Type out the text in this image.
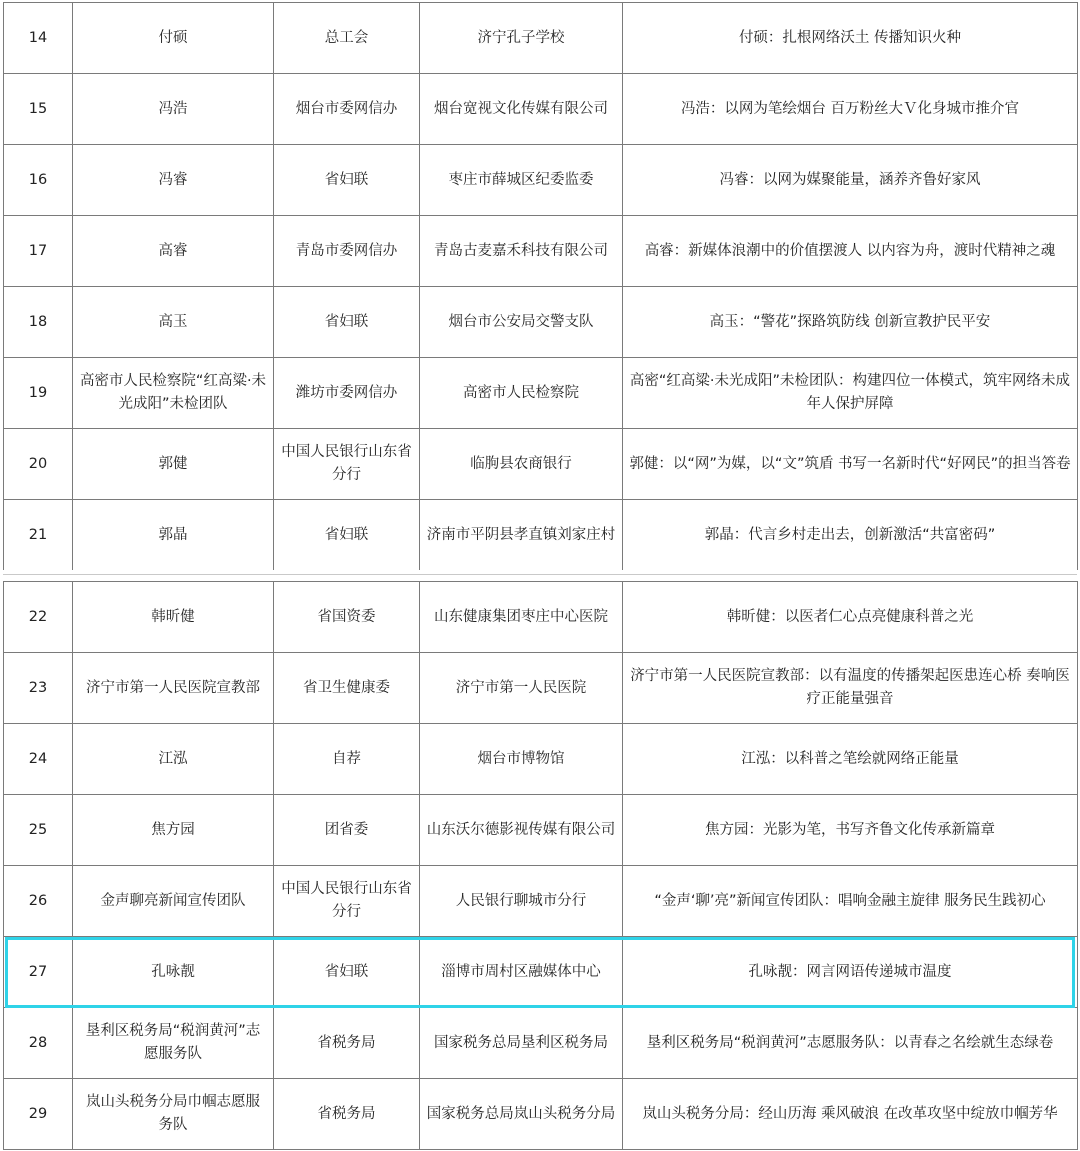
14	付硕	总工会	济宁孔子学校	付硕：扎根网络沃土 传播知识火种
15	冯浩	烟台市委网信办	烟台宽视文化传媒有限公司	冯浩：以网为笔绘烟台 百万粉丝大Ｖ化身城市推介官
16	冯睿	省妇联	枣庄市薛城区纪委监委	冯睿：以网为媒聚能量，涵养齐鲁好家风
17	高睿	青岛市委网信办	青岛古麦嘉禾科技有限公司	高睿：新媒体浪潮中的价值摆渡人 以内容为舟，渡时代精神之魂
18	高玉	省妇联	烟台市公安局交警支队	高玉：“警花”探路筑防线 创新宣教护民平安
19	高密市人民检察院“红高粱·未光成阳”未检团队	潍坊市委网信办	高密市人民检察院	高密“红高粱·未光成阳”未检团队：构建四位一体模式，筑牢网络未成年人保护屏障
20	郭健	中国人民银行山东省分行	临朐县农商银行	郭健：以“网”为媒，以“文”筑盾 书写一名新时代“好网民”的担当答卷
21	郭晶	省妇联	济南市平阴县孝直镇刘家庄村	郭晶：代言乡村走出去，创新激活“共富密码”
22	韩昕健	省国资委	山东健康集团枣庄中心医院	韩昕健：以医者仁心点亮健康科普之光
23	济宁市第一人民医院宣教部	省卫生健康委	济宁市第一人民医院	济宁市第一人民医院宣教部：以有温度的传播架起医患连心桥 奏响医疗正能量强音
24	江泓	自荐	烟台市博物馆	江泓：以科普之笔绘就网络正能量
25	焦方园	团省委	山东沃尔德影视传媒有限公司	焦方园：光影为笔，书写齐鲁文化传承新篇章
26	金声聊亮新闻宣传团队	中国人民银行山东省分行	人民银行聊城市分行	“金声‘聊’亮”新闻宣传团队：唱响金融主旋律 服务民生践初心
27	孔咏靓	省妇联	淄博市周村区融媒体中心	孔咏靓：网言网语传递城市温度
28	垦利区税务局“税润黄河”志愿服务队	省税务局	国家税务总局垦利区税务局	垦利区税务局“税润黄河”志愿服务队：以青春之名绘就生态绿卷
29	岚山头税务分局巾帼志愿服务队	省税务局	国家税务总局岚山头税务分局	岚山头税务分局：经山历海 乘风破浪 在改革攻坚中绽放巾帼芳华
